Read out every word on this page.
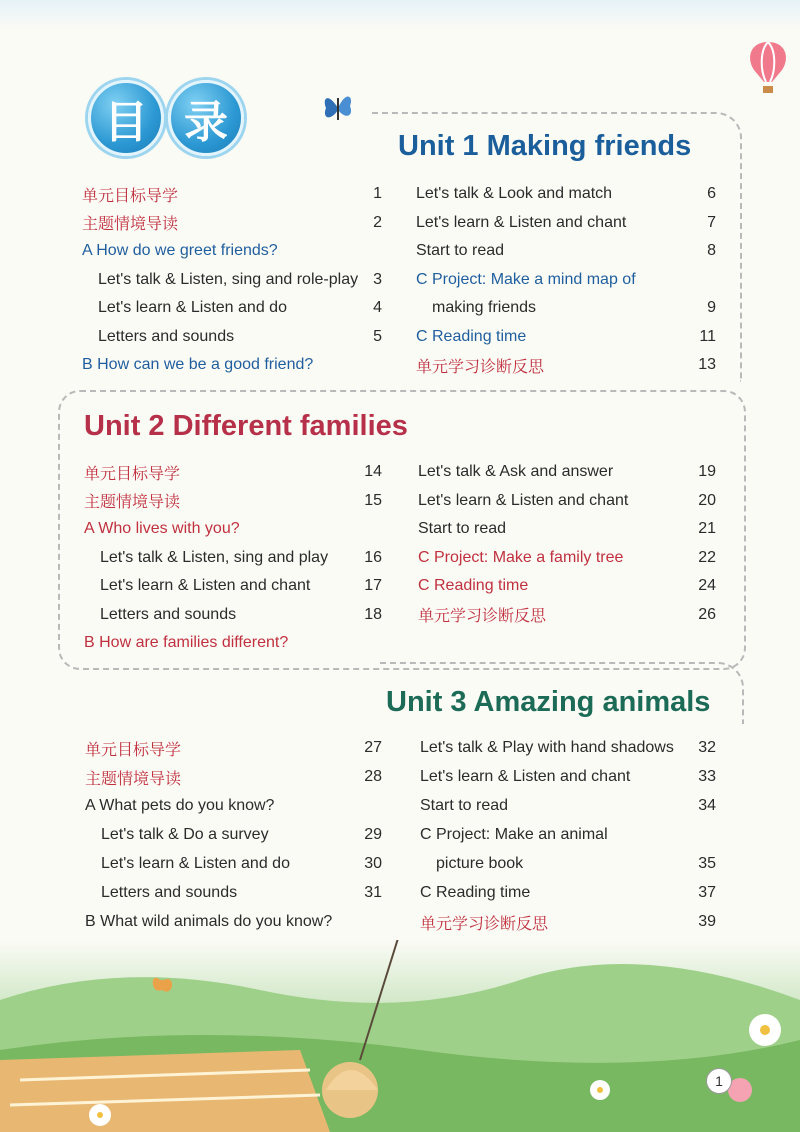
目 录	Unit 1 Making friends
Unit 2 Different families
Unit 3 Amazing animals
单元目标导学	1
主题情境导读	2
A How do we greet friends?
Let's talk & Listen, sing and role-play 3
Let's learn & Listen and do	4
Letters and sounds	5
B How can we be a good friend?
Let's talk & Look and match	6
Let's learn & Listen and chant	7
Start to read	8
C Project: Make a mind map of
making friends	9
C Reading time	11
单元学习诊断反思	13
单元目标导学	14
主题情境导读	15
A Who lives with you?
Let's talk & Listen, sing and play	16
Let's learn & Listen and chant	17
Letters and sounds	18
B How are families different?
Let's talk & Ask and answer	19
Let's learn & Listen and chant	20
Start to read	21
C Project: Make a family tree	22
C Reading time	24
单元学习诊断反思	26
单元目标导学	27
主题情境导读	28
A What pets do you know?
Let's talk & Do a survey	29
Let's learn & Listen and do	30
Letters and sounds	31
B What wild animals do you know?
Let's talk & Play with hand shadows	32
Let's learn & Listen and chant	33
Start to read	34
C Project: Make an animal
picture book	35
C Reading time	37
单元学习诊断反思	39
1
